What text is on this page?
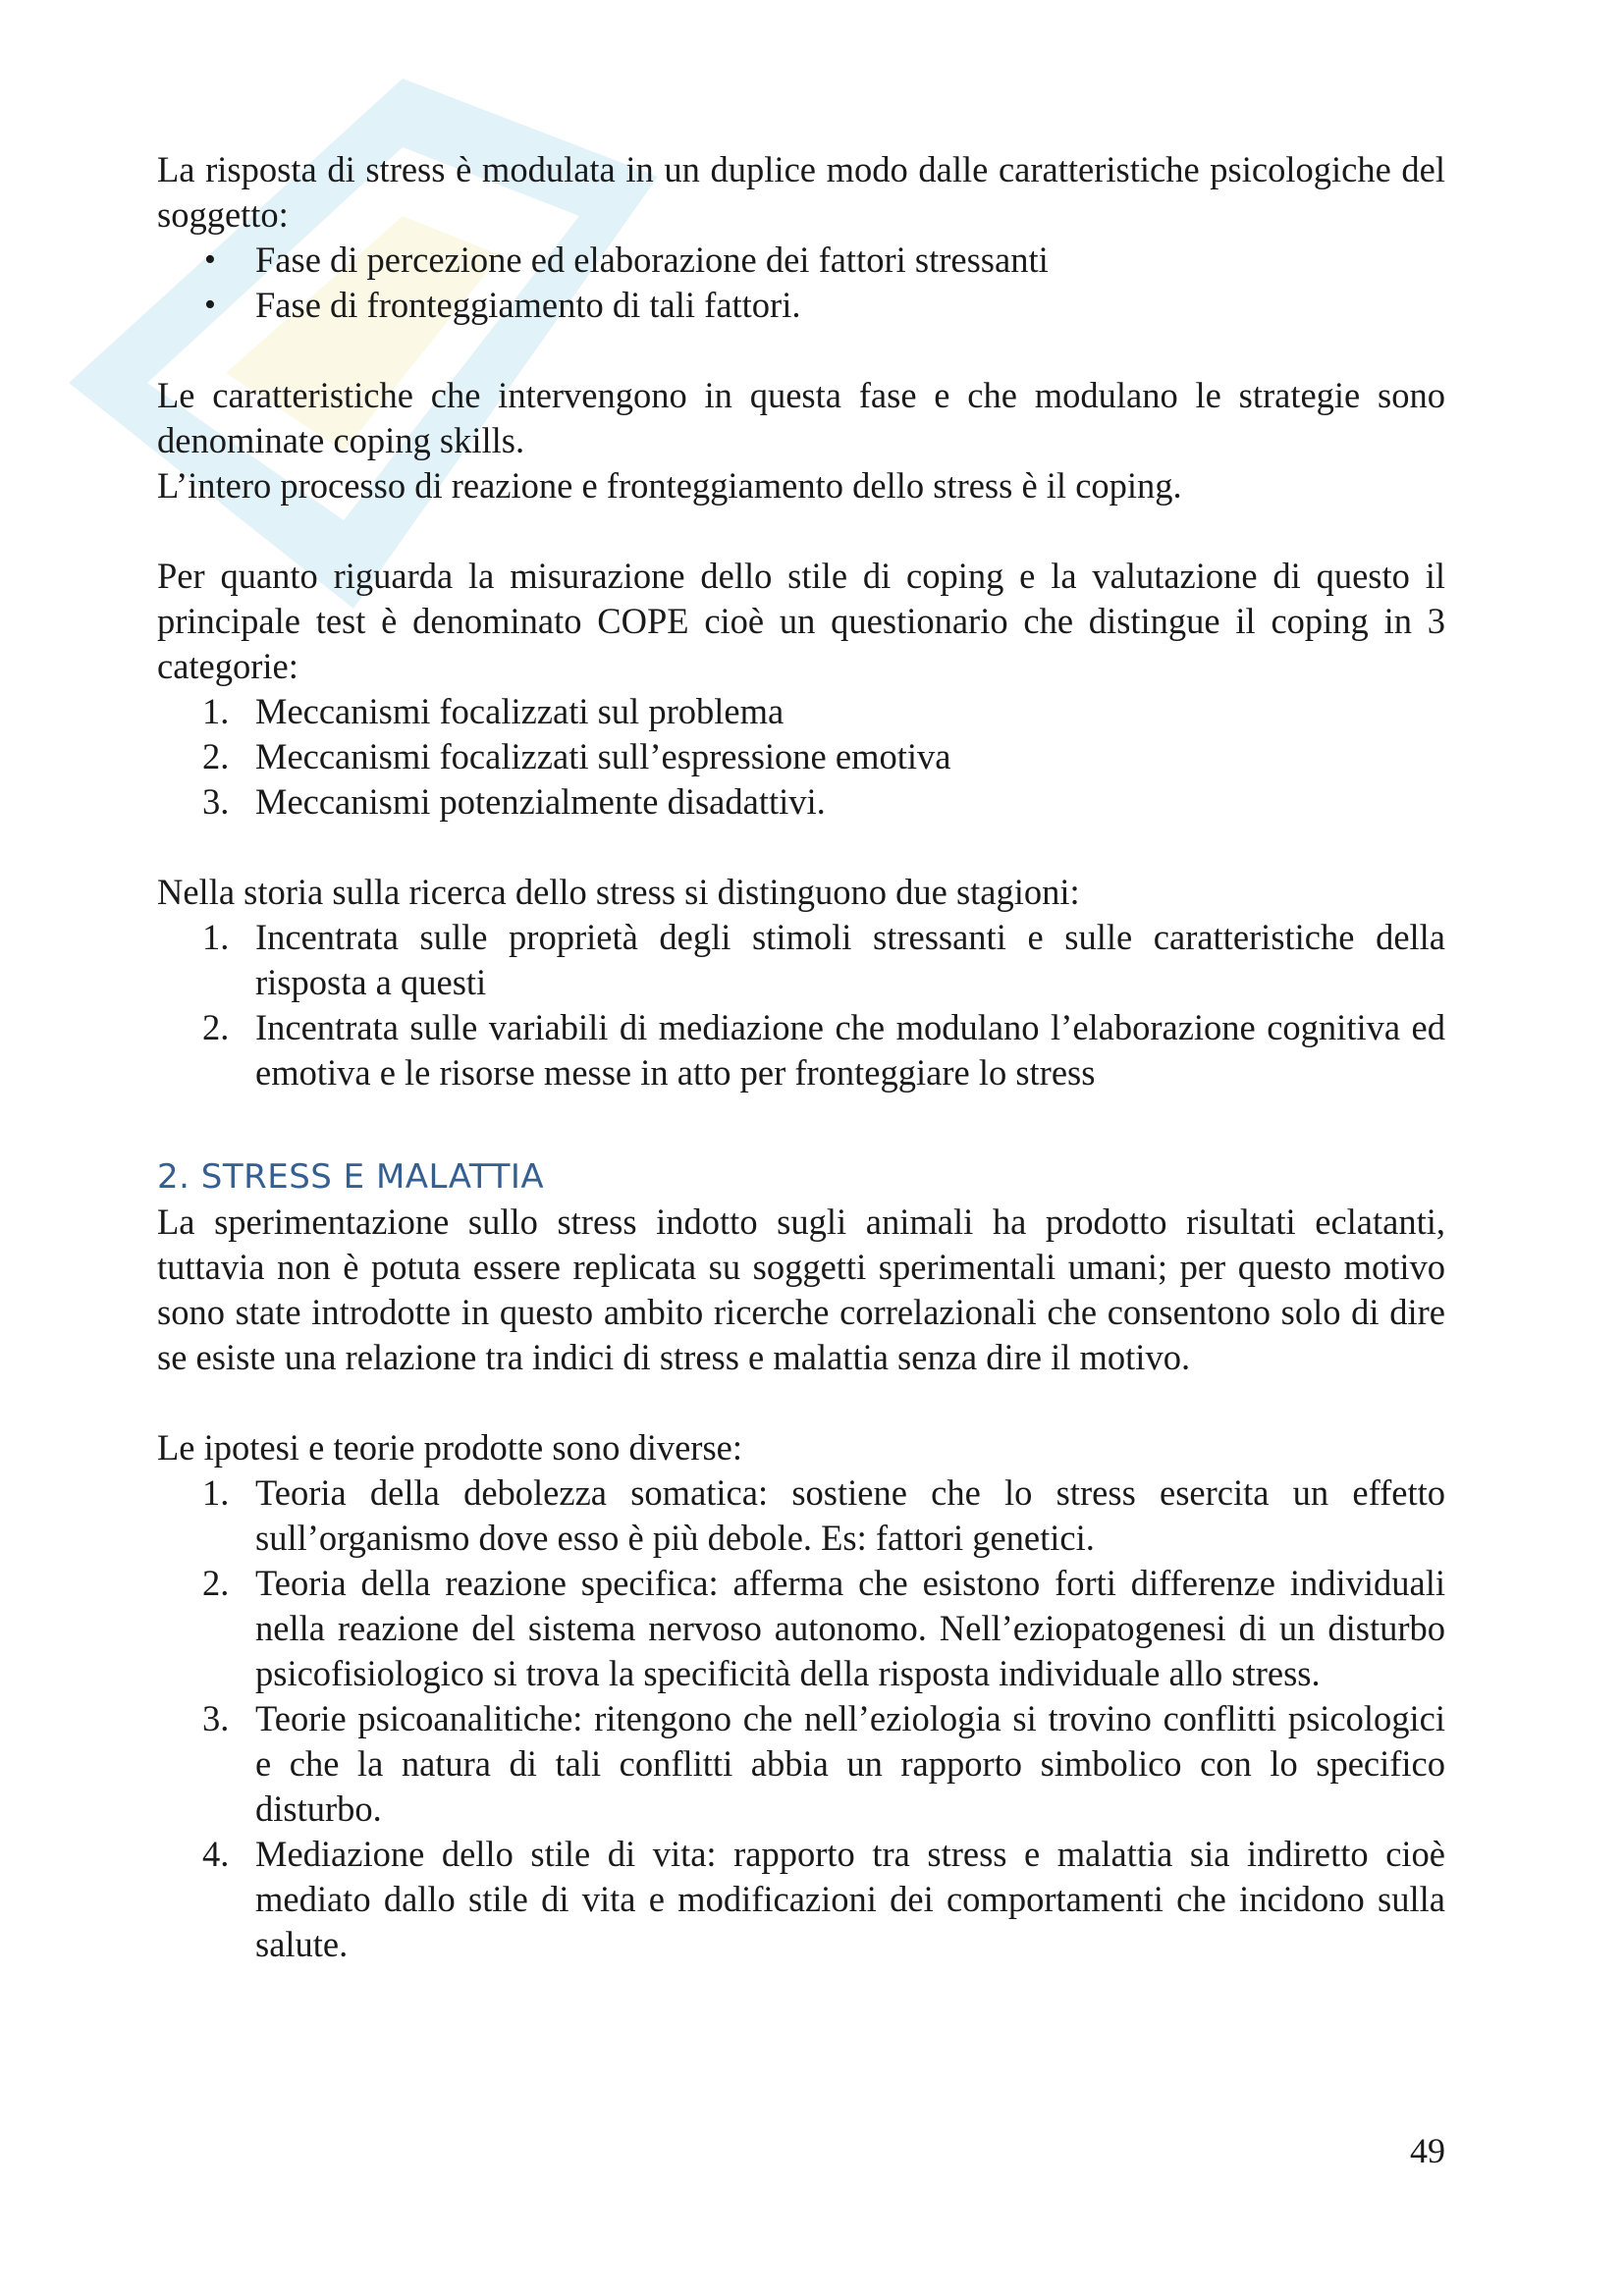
La risposta di stress è modulata in un duplice modo dalle caratteristiche psicologiche del soggetto:

• Fase di percezione ed elaborazione dei fattori stressanti
• Fase di fronteggiamento di tali fattori.

Le caratteristiche che intervengono in questa fase e che modulano le strategie sono denominate coping skills.

L’intero processo di reazione e fronteggiamento dello stress è il coping.

Per quanto riguarda la misurazione dello stile di coping e la valutazione di questo il principale test è denominato COPE cioè un questionario che distingue il coping in 3 categorie:

1. Meccanismi focalizzati sul problema
2. Meccanismi focalizzati sull’espressione emotiva
3. Meccanismi potenzialmente disadattivi.

Nella storia sulla ricerca dello stress si distinguono due stagioni:

1. Incentrata sulle proprietà degli stimoli stressanti e sulle caratteristiche della risposta a questi
2. Incentrata sulle variabili di mediazione che modulano l’elaborazione cognitiva ed emotiva e le risorse messe in atto per fronteggiare lo stress
2. STRESS E MALATTIA

La sperimentazione sullo stress indotto sugli animali ha prodotto risultati eclatanti, tuttavia non è potuta essere replicata su soggetti sperimentali umani; per questo motivo sono state introdotte in questo ambito ricerche correlazionali che consentono solo di dire se esiste una relazione tra indici di stress e malattia senza dire il motivo.

Le ipotesi e teorie prodotte sono diverse:

1. Teoria della debolezza somatica: sostiene che lo stress esercita un effetto sull’organismo dove esso è più debole. Es: fattori genetici.
2. Teoria della reazione specifica: afferma che esistono forti differenze individuali nella reazione del sistema nervoso autonomo. Nell’eziopatogenesi di un disturbo psicofisiologico si trova la specificità della risposta individuale allo stress.
3. Teorie psicoanalitiche: ritengono che nell’eziologia si trovino conflitti psicologici e che la natura di tali conflitti abbia un rapporto simbolico con lo specifico disturbo.
4. Mediazione dello stile di vita: rapporto tra stress e malattia sia indiretto cioè mediato dallo stile di vita e modificazioni dei comportamenti che incidono sulla salute.
49
